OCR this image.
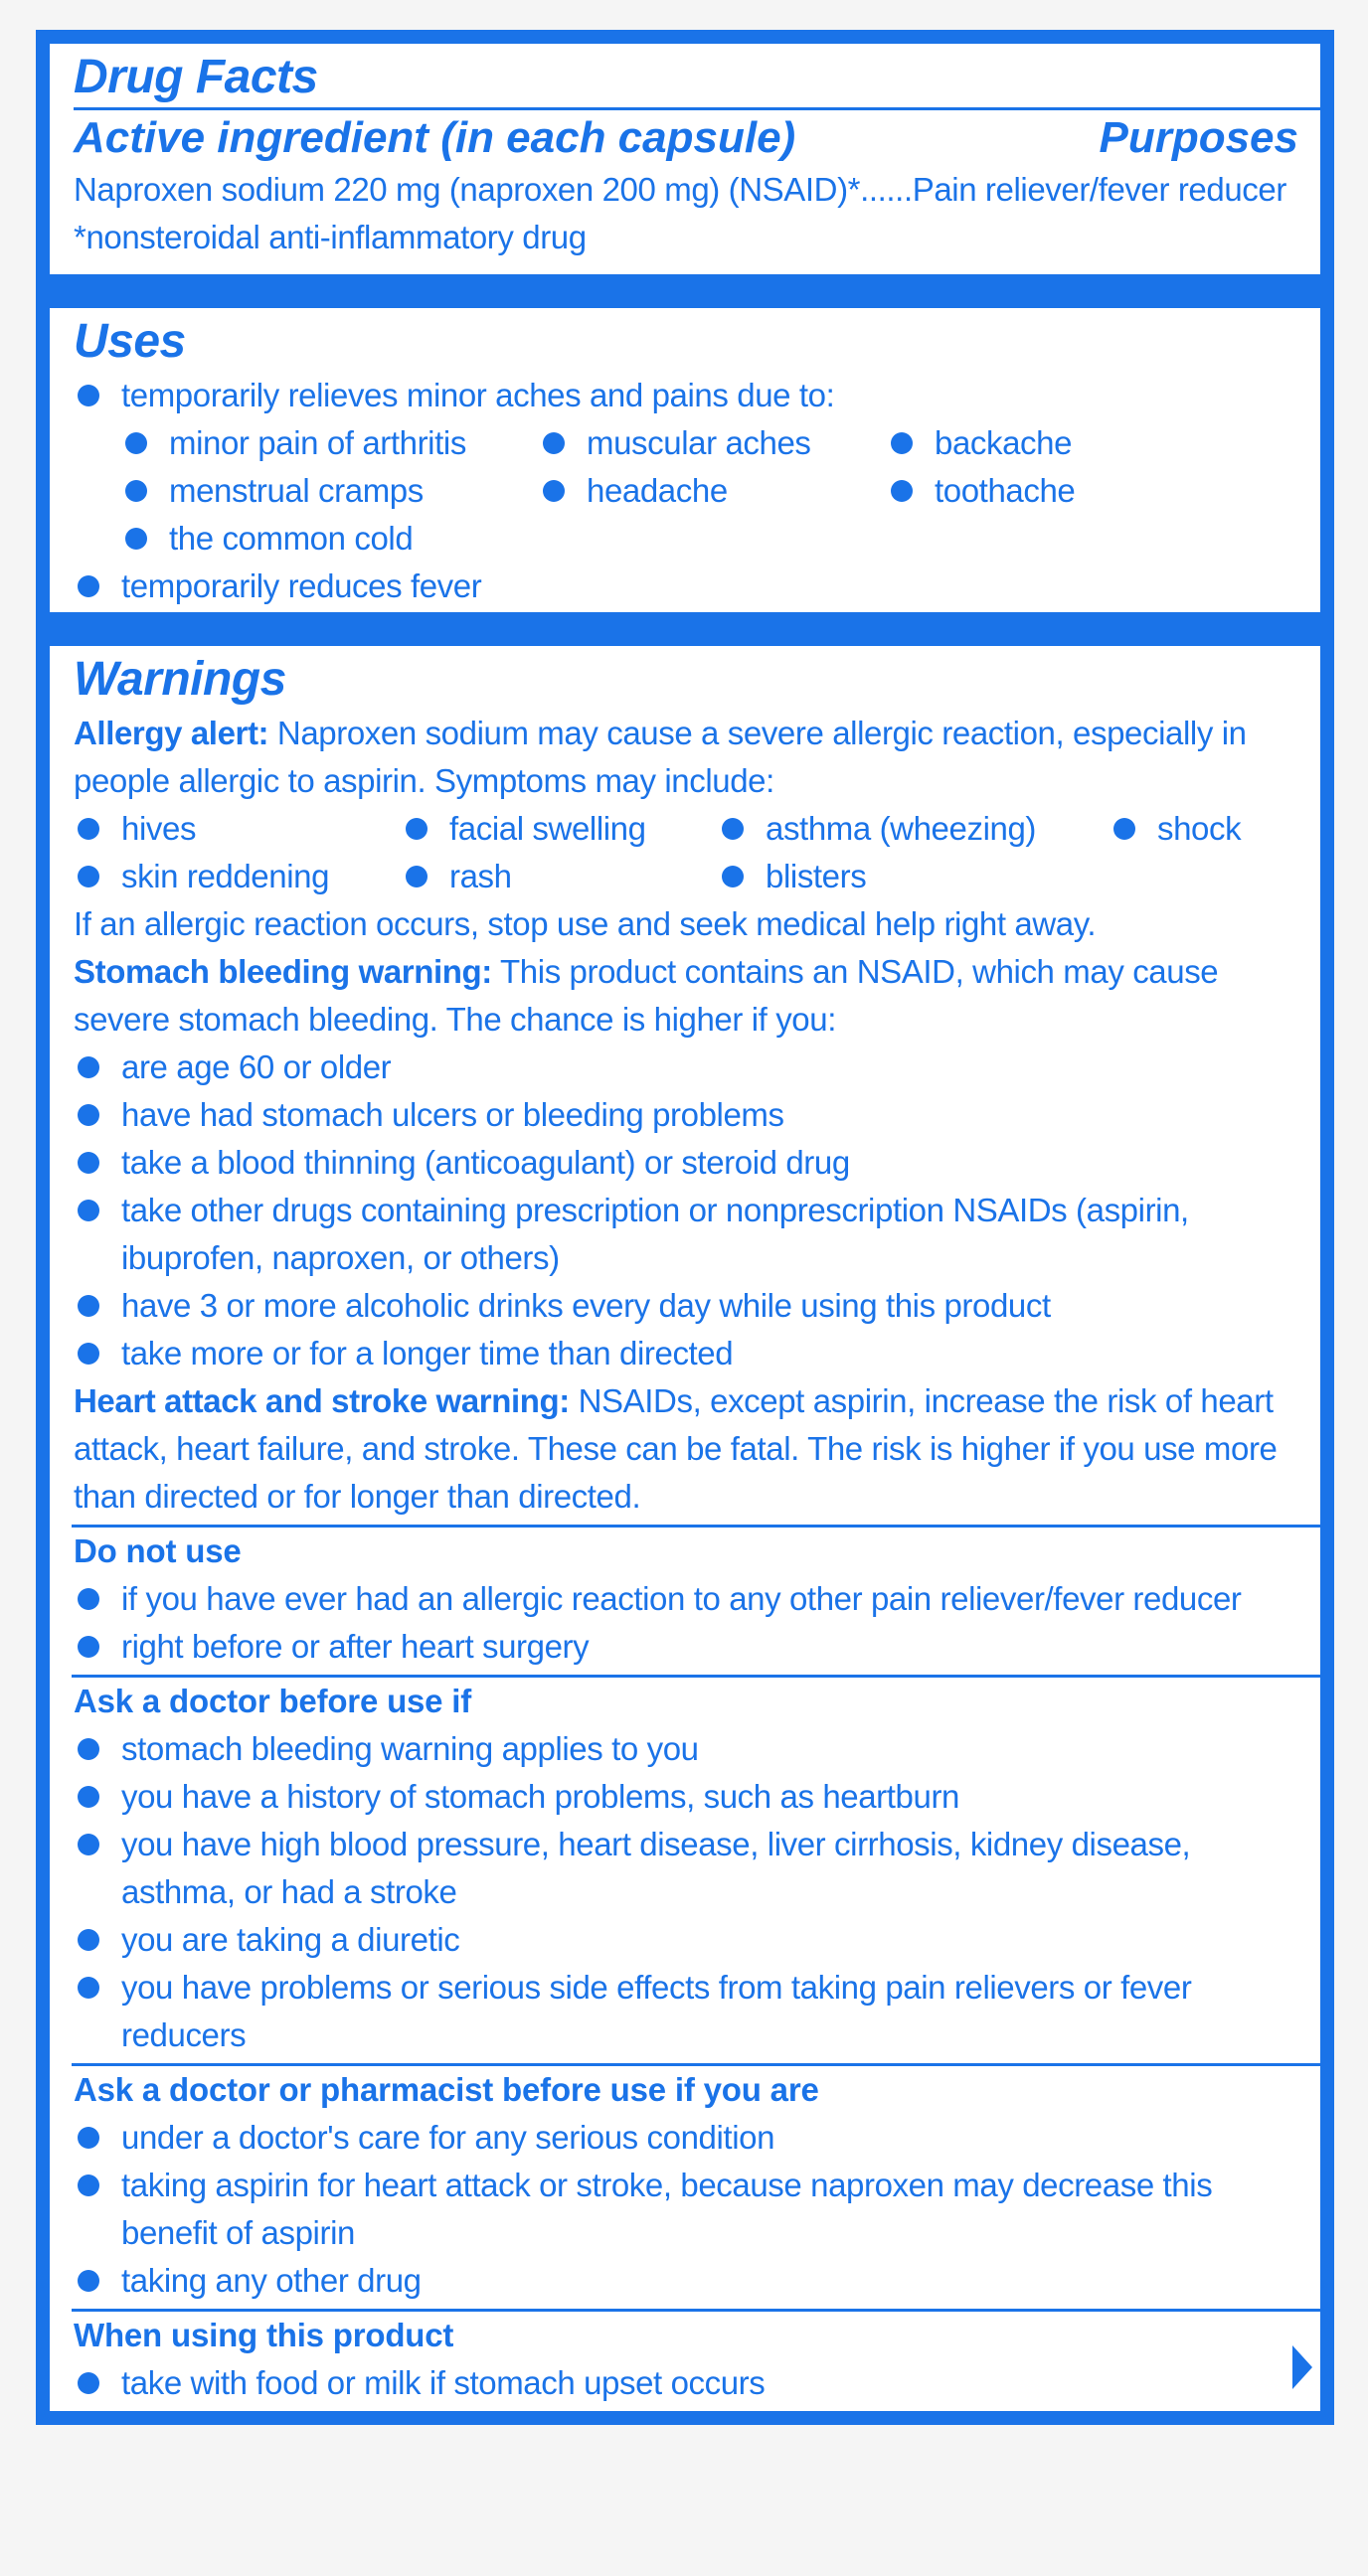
Drug Facts
Active ingredient (in each capsule)	Purposes
Naproxen sodium 220 mg (naproxen 200 mg) (NSAID)*......Pain reliever/fever reducer
*nonsteroidal anti-inflammatory drug
Uses
temporarily relieves minor aches and pains due to:
minor pain of arthritis	muscular aches	backache
menstrual cramps	headache	toothache
the common cold
temporarily reduces fever
Warnings
Allergy alert: Naproxen sodium may cause a severe allergic reaction, especially in
people allergic to aspirin. Symptoms may include:
hives	facial swelling	asthma (wheezing)	shock
skin reddening	rash	blisters
If an allergic reaction occurs, stop use and seek medical help right away.
Stomach bleeding warning: This product contains an NSAID, which may cause
severe stomach bleeding. The chance is higher if you:
are age 60 or older
have had stomach ulcers or bleeding problems
take a blood thinning (anticoagulant) or steroid drug
take other drugs containing prescription or nonprescription NSAIDs (aspirin,
ibuprofen, naproxen, or others)
have 3 or more alcoholic drinks every day while using this product
take more or for a longer time than directed
Heart attack and stroke warning: NSAIDs, except aspirin, increase the risk of heart
attack, heart failure, and stroke. These can be fatal. The risk is higher if you use more
than directed or for longer than directed.
Do not use
if you have ever had an allergic reaction to any other pain reliever/fever reducer
right before or after heart surgery
Ask a doctor before use if
stomach bleeding warning applies to you
you have a history of stomach problems, such as heartburn
you have high blood pressure, heart disease, liver cirrhosis, kidney disease,
asthma, or had a stroke
you are taking a diuretic
you have problems or serious side effects from taking pain relievers or fever
reducers
Ask a doctor or pharmacist before use if you are
under a doctor's care for any serious condition
taking aspirin for heart attack or stroke, because naproxen may decrease this
benefit of aspirin
taking any other drug
When using this product
take with food or milk if stomach upset occurs
